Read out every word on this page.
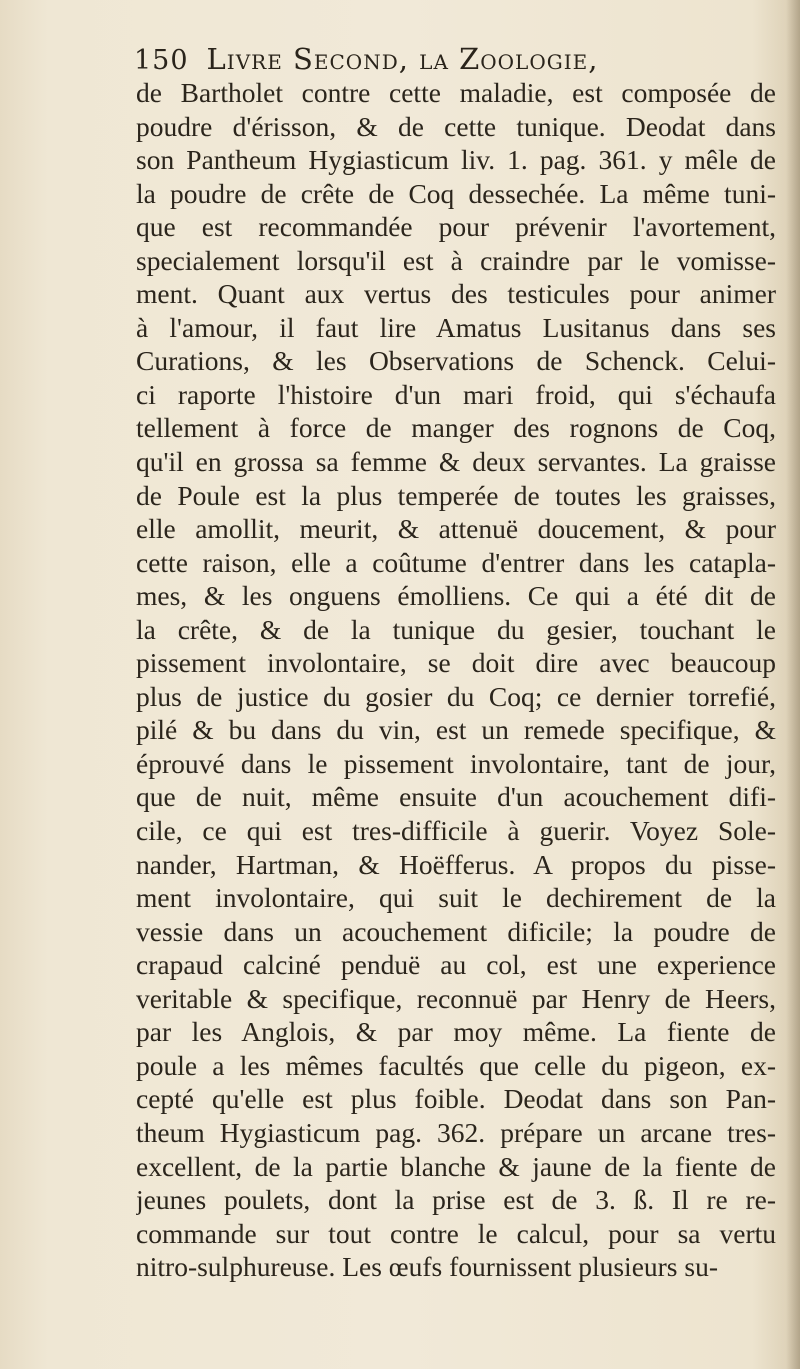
150 Livre Second, la Zoologie,
de Bartholet contre cette maladie, est composée de
poudre d'érisson, & de cette tunique. Deodat dans
son Pantheum Hygiasticum liv. 1. pag. 361. y mêle de
la poudre de crête de Coq dessechée. La même tuni-
que est recommandée pour prévenir l'avortement,
specialement lorsqu'il est à craindre par le vomisse-
ment. Quant aux vertus des testicules pour animer
à l'amour, il faut lire Amatus Lusitanus dans ses
Curations, & les Observations de Schenck. Celui-
ci raporte l'histoire d'un mari froid, qui s'échaufa
tellement à force de manger des rognons de Coq,
qu'il en grossa sa femme & deux servantes. La graisse
de Poule est la plus temperée de toutes les graisses,
elle amollit, meurit, & attenuë doucement, & pour
cette raison, elle a coûtume d'entrer dans les catapla-
mes, & les onguens émolliens. Ce qui a été dit de
la crête, & de la tunique du gesier, touchant le
pissement involontaire, se doit dire avec beaucoup
plus de justice du gosier du Coq; ce dernier torrefié,
pilé & bu dans du vin, est un remede specifique, &
éprouvé dans le pissement involontaire, tant de jour,
que de nuit, même ensuite d'un acouchement difi-
cile, ce qui est tres-difficile à guerir. Voyez Sole-
nander, Hartman, & Hoëfferus. A propos du pisse-
ment involontaire, qui suit le dechirement de la
vessie dans un acouchement dificile; la poudre de
crapaud calciné penduë au col, est une experience
veritable & specifique, reconnuë par Henry de Heers,
par les Anglois, & par moy même. La fiente de
poule a les mêmes facultés que celle du pigeon, ex-
cepté qu'elle est plus foible. Deodat dans son Pan-
theum Hygiasticum pag. 362. prépare un arcane tres-
excellent, de la partie blanche & jaune de la fiente de
jeunes poulets, dont la prise est de 3. ß. Il re re-
commande sur tout contre le calcul, pour sa vertu
nitro-sulphureuse. Les œufs fournissent plusieurs su-
